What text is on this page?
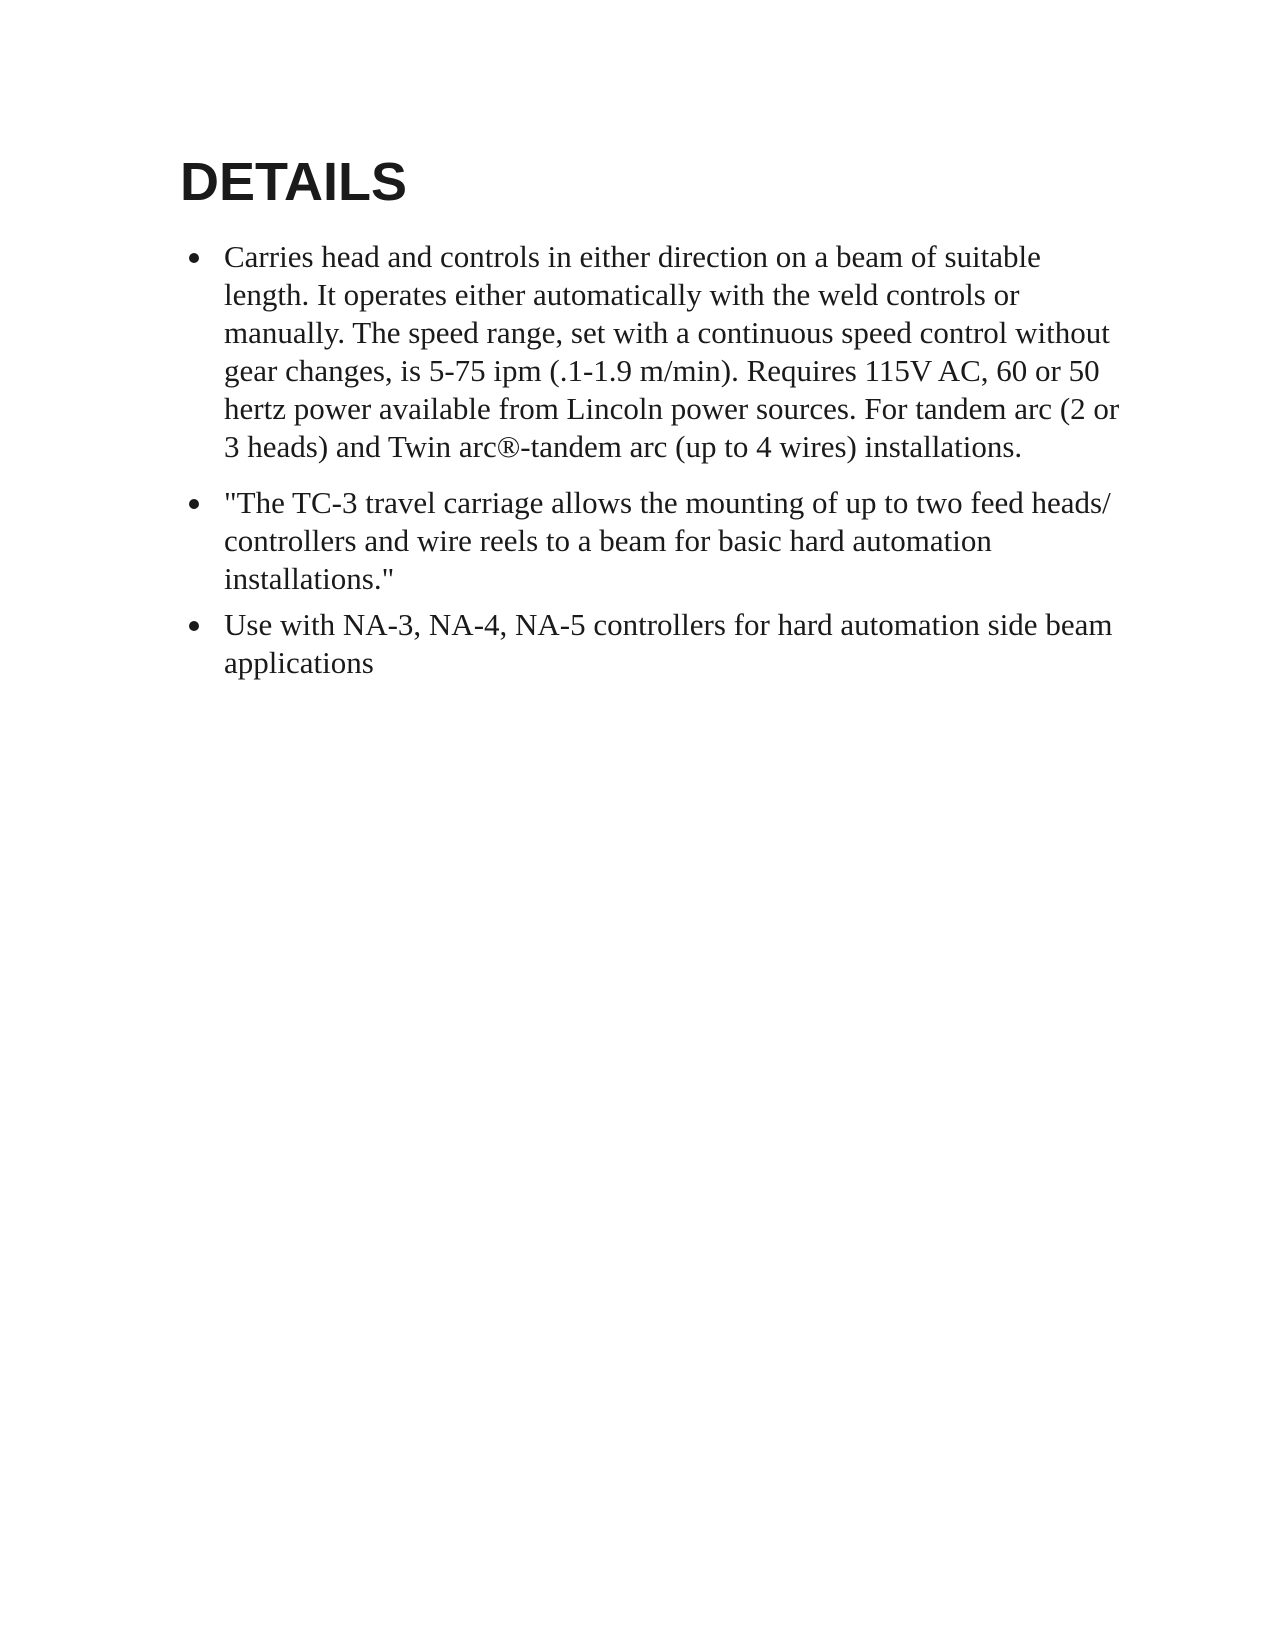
DETAILS
Carries head and controls in either direction on a beam of suitable length. It operates either automatically with the weld controls or manually. The speed range, set with a continuous speed control without gear changes, is 5-75 ipm (.1-1.9 m/min). Requires 115V AC, 60 or 50 hertz power available from Lincoln power sources. For tandem arc (2 or 3 heads) and Twin arc®-tandem arc (up to 4 wires) installations.
"The TC-3 travel carriage allows the mounting of up to two feed heads/ controllers and wire reels to a beam for basic hard automation installations."
Use with NA-3, NA-4, NA-5 controllers for hard automation side beam applications
